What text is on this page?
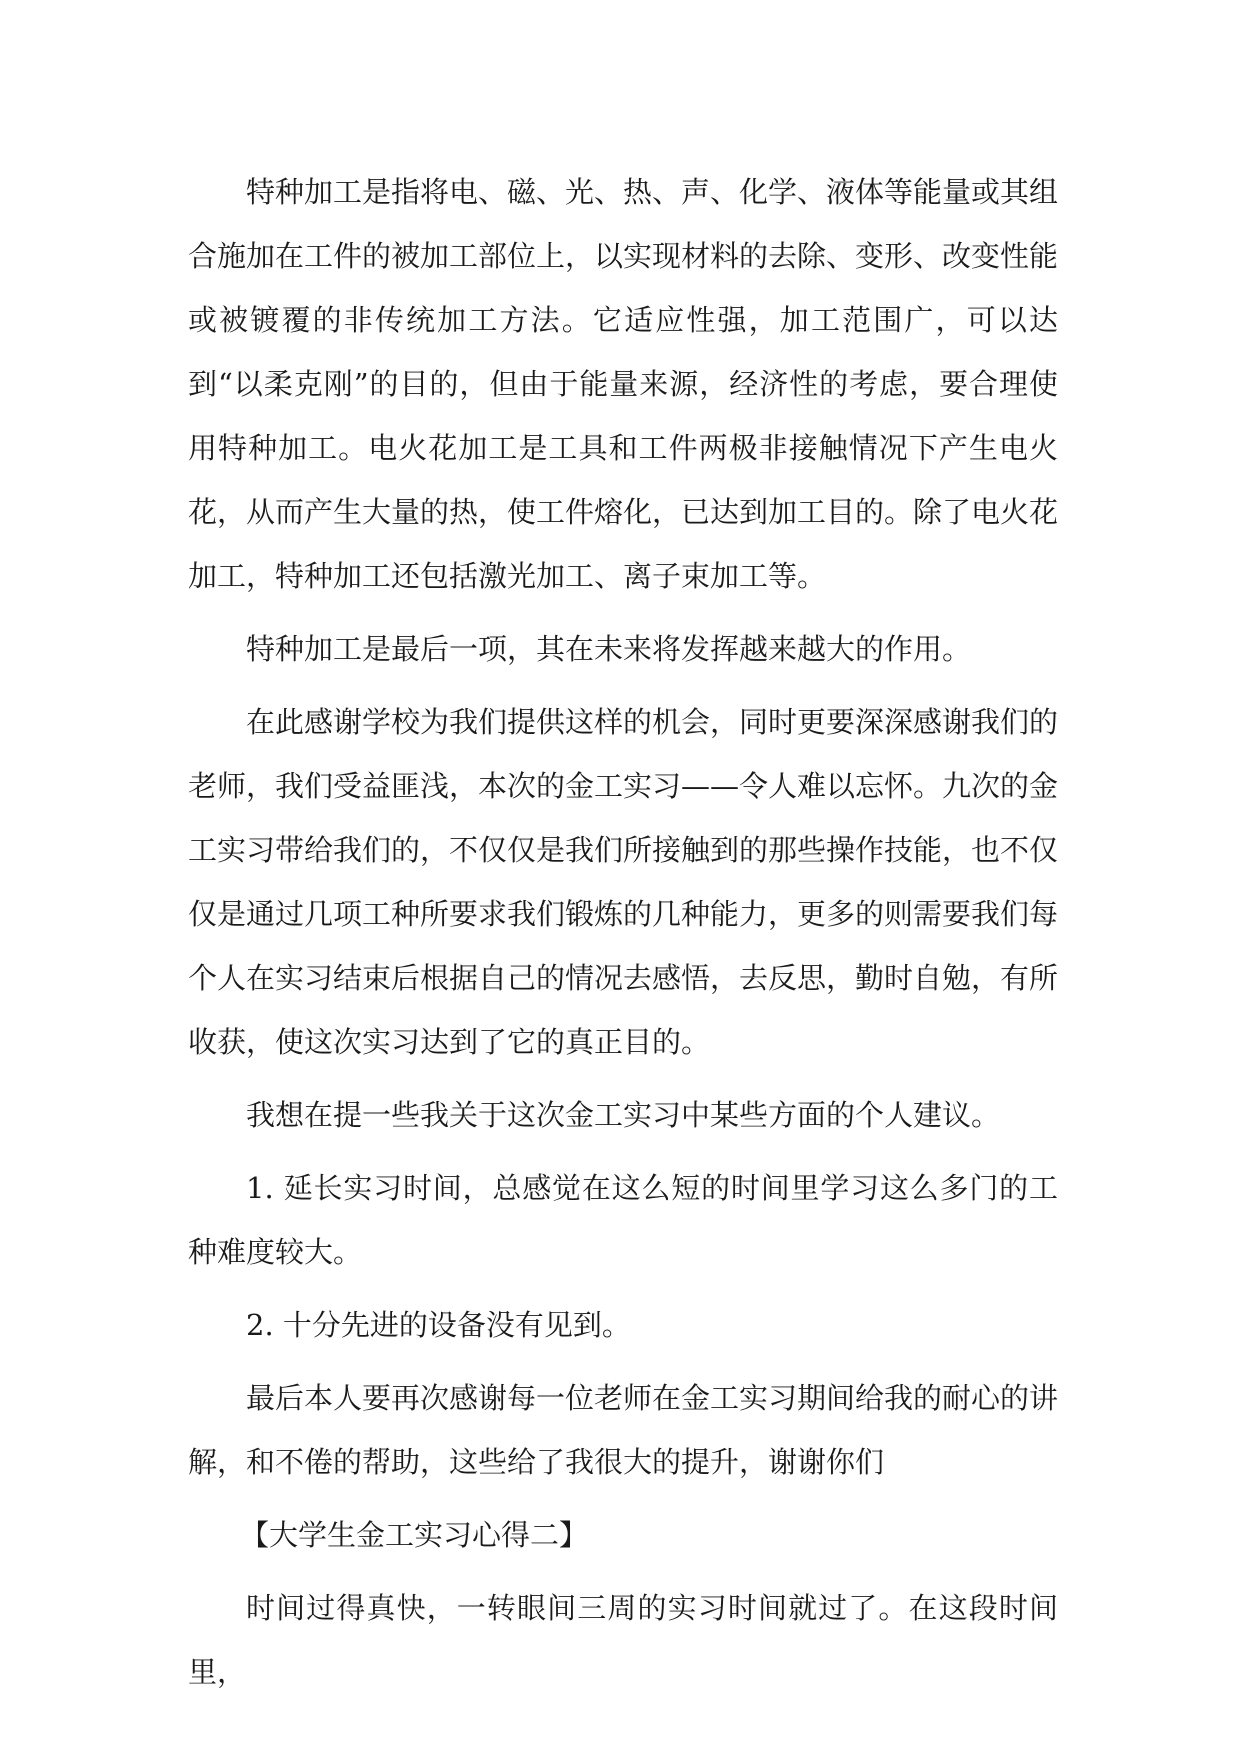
特种加工是指将电、磁、光、热、声、化学、液体等能量或其组合施加在工件的被加工部位上，以实现材料的去除、变形、改变性能或被镀覆的非传统加工方法。它适应性强，加工范围广，可以达到“以柔克刚”的目的，但由于能量来源，经济性的考虑，要合理使用特种加工。电火花加工是工具和工件两极非接触情况下产生电火花，从而产生大量的热，使工件熔化，已达到加工目的。除了电火花加工，特种加工还包括激光加工、离子束加工等。

特种加工是最后一项，其在未来将发挥越来越大的作用。

在此感谢学校为我们提供这样的机会，同时更要深深感谢我们的老师，我们受益匪浅，本次的金工实习——令人难以忘怀。九次的金工实习带给我们的，不仅仅是我们所接触到的那些操作技能，也不仅仅是通过几项工种所要求我们锻炼的几种能力，更多的则需要我们每个人在实习结束后根据自己的情况去感悟，去反思，勤时自勉，有所收获，使这次实习达到了它的真正目的。

我想在提一些我关于这次金工实习中某些方面的个人建议。

1. 延长实习时间，总感觉在这么短的时间里学习这么多门的工种难度较大。

2. 十分先进的设备没有见到。

最后本人要再次感谢每一位老师在金工实习期间给我的耐心的讲解，和不倦的帮助，这些给了我很大的提升，谢谢你们

【大学生金工实习心得二】

时间过得真快，一转眼间三周的实习时间就过了。在这段时间里，
